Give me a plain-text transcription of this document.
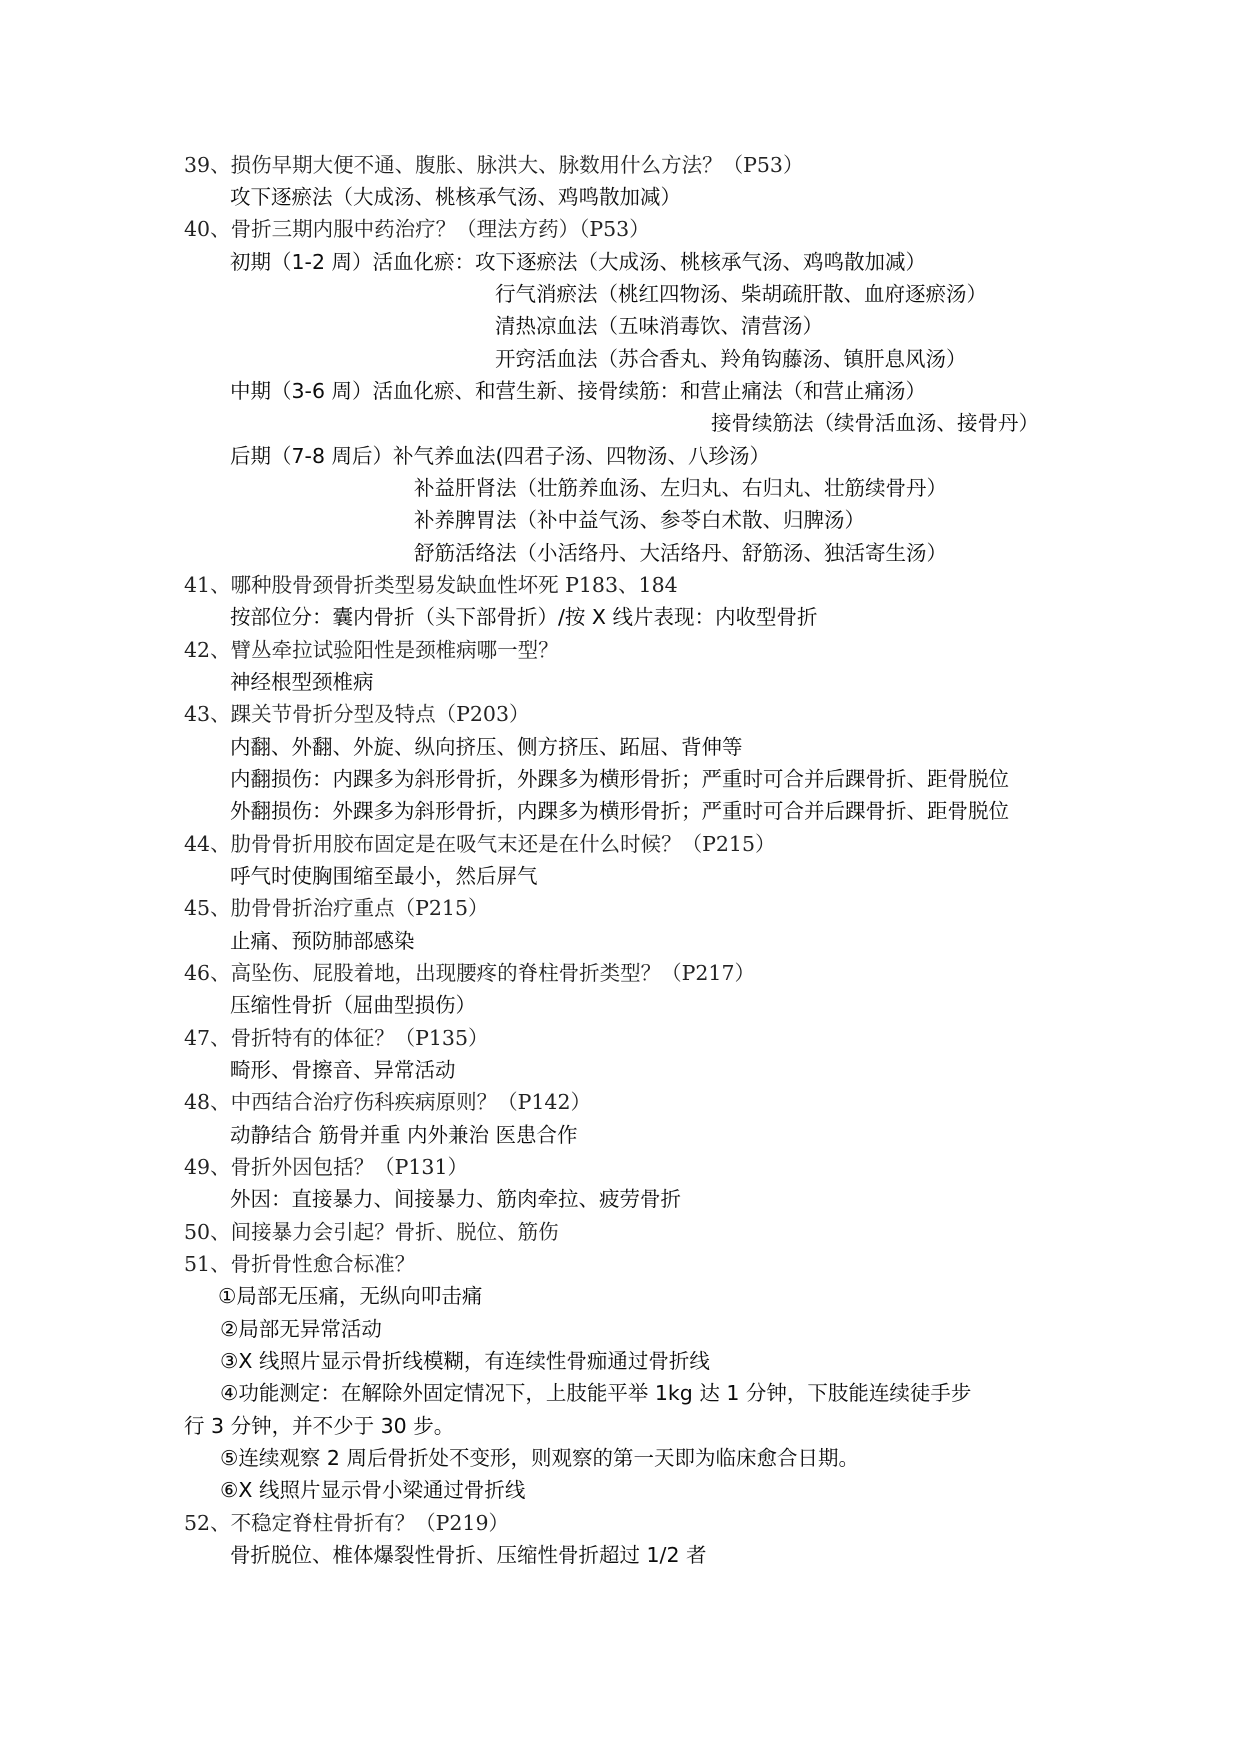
39、损伤早期大便不通、腹胀、脉洪大、脉数用什么方法？（P53）
攻下逐瘀法（大成汤、桃核承气汤、鸡鸣散加减）
40、骨折三期内服中药治疗？（理法方药）（P53）
初期（1-2 周）活血化瘀：攻下逐瘀法（大成汤、桃核承气汤、鸡鸣散加减）
行气消瘀法（桃红四物汤、柴胡疏肝散、血府逐瘀汤）
清热凉血法（五味消毒饮、清营汤）
开窍活血法（苏合香丸、羚角钩藤汤、镇肝息风汤）
中期（3-6 周）活血化瘀、和营生新、接骨续筋：和营止痛法（和营止痛汤）
接骨续筋法（续骨活血汤、接骨丹）
后期（7-8 周后）补气养血法(四君子汤、四物汤、八珍汤）
补益肝肾法（壮筋养血汤、左归丸、右归丸、壮筋续骨丹）
补养脾胃法（补中益气汤、参苓白术散、归脾汤）
舒筋活络法（小活络丹、大活络丹、舒筋汤、独活寄生汤）
41、哪种股骨颈骨折类型易发缺血性坏死 P183、184
按部位分：囊内骨折（头下部骨折）/按 X 线片表现：内收型骨折
42、臂丛牵拉试验阳性是颈椎病哪一型？
神经根型颈椎病
43、踝关节骨折分型及特点（P203）
内翻、外翻、外旋、纵向挤压、侧方挤压、跖屈、背伸等
内翻损伤：内踝多为斜形骨折，外踝多为横形骨折；严重时可合并后踝骨折、距骨脱位
外翻损伤：外踝多为斜形骨折，内踝多为横形骨折；严重时可合并后踝骨折、距骨脱位
44、肋骨骨折用胶布固定是在吸气末还是在什么时候？（P215）
呼气时使胸围缩至最小，然后屏气
45、肋骨骨折治疗重点（P215）
止痛、预防肺部感染
46、高坠伤、屁股着地，出现腰疼的脊柱骨折类型？（P217）
压缩性骨折（屈曲型损伤）
47、骨折特有的体征？（P135）
畸形、骨擦音、异常活动
48、中西结合治疗伤科疾病原则？（P142）
动静结合 筋骨并重 内外兼治 医患合作
49、骨折外因包括？（P131）
外因：直接暴力、间接暴力、筋肉牵拉、疲劳骨折
50、间接暴力会引起？骨折、脱位、筋伤
51、骨折骨性愈合标准？
①局部无压痛，无纵向叩击痛
②局部无异常活动
③X 线照片显示骨折线模糊，有连续性骨痂通过骨折线
④功能测定：在解除外固定情况下，上肢能平举 1kg 达 1 分钟，下肢能连续徒手步
行 3 分钟，并不少于 30 步。
⑤连续观察 2 周后骨折处不变形，则观察的第一天即为临床愈合日期。
⑥X 线照片显示骨小梁通过骨折线
52、不稳定脊柱骨折有？（P219）
骨折脱位、椎体爆裂性骨折、压缩性骨折超过 1/2 者
